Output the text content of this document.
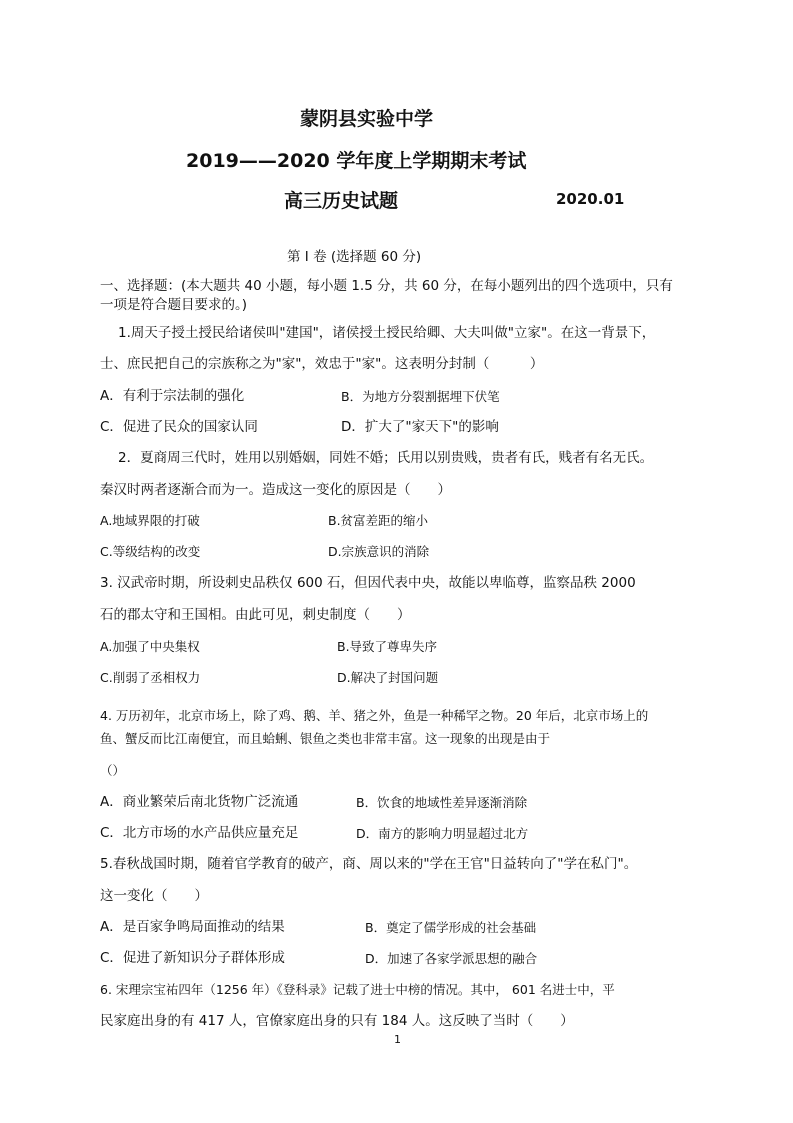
蒙阴县实验中学
2019——2020 学年度上学期期末考试
高三历史试题	2020.01
第 I 卷 (选择题 60 分)
一、选择题：(本大题共 40 小题，每小题 1.5 分，共 60 分，在每小题列出的四个选项中，只有
一项是符合题目要求的。)
1.周天子授土授民给诸侯叫"建国"，诸侯授土授民给卿、大夫叫做"立家"。在这一背景下，
士、庶民把自己的宗族称之为"家"，效忠于"家"。这表明分封制（　　　）
A．有利于宗法制的强化	B．为地方分裂割据埋下伏笔
C．促进了民众的国家认同	D．扩大了"家天下"的影响
2．夏商周三代时，姓用以别婚姻，同姓不婚；氏用以别贵贱，贵者有氏，贱者有名无氏。
秦汉时两者逐渐合而为一。造成这一变化的原因是（　　）
A.地域界限的打破	B.贫富差距的缩小
C.等级结构的改变	D.宗族意识的消除
3. 汉武帝时期，所设刺史品秩仅 600 石，但因代表中央，故能以卑临尊，监察品秩 2000
石的郡太守和王国相。由此可见，刺史制度（　　）
A.加强了中央集权	B.导致了尊卑失序
C.削弱了丞相权力	D.解决了封国问题
4. 万历初年，北京市场上，除了鸡、鹅、羊、猪之外，鱼是一种稀罕之物。20 年后，北京市场上的
鱼、蟹反而比江南便宜，而且蛤蜊、银鱼之类也非常丰富。这一现象的出现是由于
（）
A．商业繁荣后南北货物广泛流通	B．饮食的地域性差异逐渐消除
C．北方市场的水产品供应量充足	D．南方的影响力明显超过北方
5.春秋战国时期，随着官学教育的破产，商、周以来的"学在王官"日益转向了"学在私门"。
这一变化（　　）
A．是百家争鸣局面推动的结果	B．奠定了儒学形成的社会基础
C．促进了新知识分子群体形成	D．加速了各家学派思想的融合
6. 宋理宗宝祐四年（1256 年）《登科录》记载了进士中榜的情况。其中， 601 名进士中，平
民家庭出身的有 417 人，官僚家庭出身的只有 184 人。这反映了当时（　　）
1
